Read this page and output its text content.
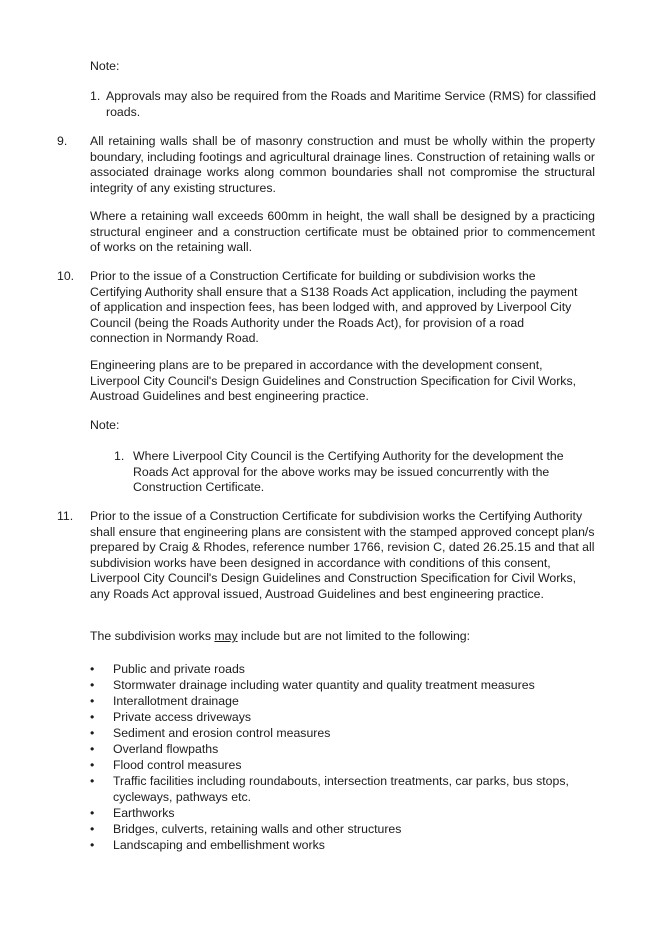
Note:

1. Approvals may also be required from the Roads and Maritime Service (RMS) for classified roads.

9. All retaining walls shall be of masonry construction and must be wholly within the property boundary, including footings and agricultural drainage lines. Construction of retaining walls or associated drainage works along common boundaries shall not compromise the structural integrity of any existing structures.

Where a retaining wall exceeds 600mm in height, the wall shall be designed by a practicing structural engineer and a construction certificate must be obtained prior to commencement of works on the retaining wall.

10. Prior to the issue of a Construction Certificate for building or subdivision works the Certifying Authority shall ensure that a S138 Roads Act application, including the payment of application and inspection fees, has been lodged with, and approved by Liverpool City Council (being the Roads Authority under the Roads Act), for provision of a road connection in Normandy Road.

Engineering plans are to be prepared in accordance with the development consent, Liverpool City Council's Design Guidelines and Construction Specification for Civil Works, Austroad Guidelines and best engineering practice.

Note:

1. Where Liverpool City Council is the Certifying Authority for the development the Roads Act approval for the above works may be issued concurrently with the Construction Certificate.

11. Prior to the issue of a Construction Certificate for subdivision works the Certifying Authority shall ensure that engineering plans are consistent with the stamped approved concept plan/s prepared by Craig & Rhodes, reference number 1766, revision C, dated 26.25.15 and that all subdivision works have been designed in accordance with conditions of this consent, Liverpool City Council's Design Guidelines and Construction Specification for Civil Works, any Roads Act approval issued, Austroad Guidelines and best engineering practice.

The subdivision works may include but are not limited to the following:

• Public and private roads
• Stormwater drainage including water quantity and quality treatment measures
• Interallotment drainage
• Private access driveways
• Sediment and erosion control measures
• Overland flowpaths
• Flood control measures
• Traffic facilities including roundabouts, intersection treatments, car parks, bus stops, cycleways, pathways etc.
• Earthworks
• Bridges, culverts, retaining walls and other structures
• Landscaping and embellishment works
